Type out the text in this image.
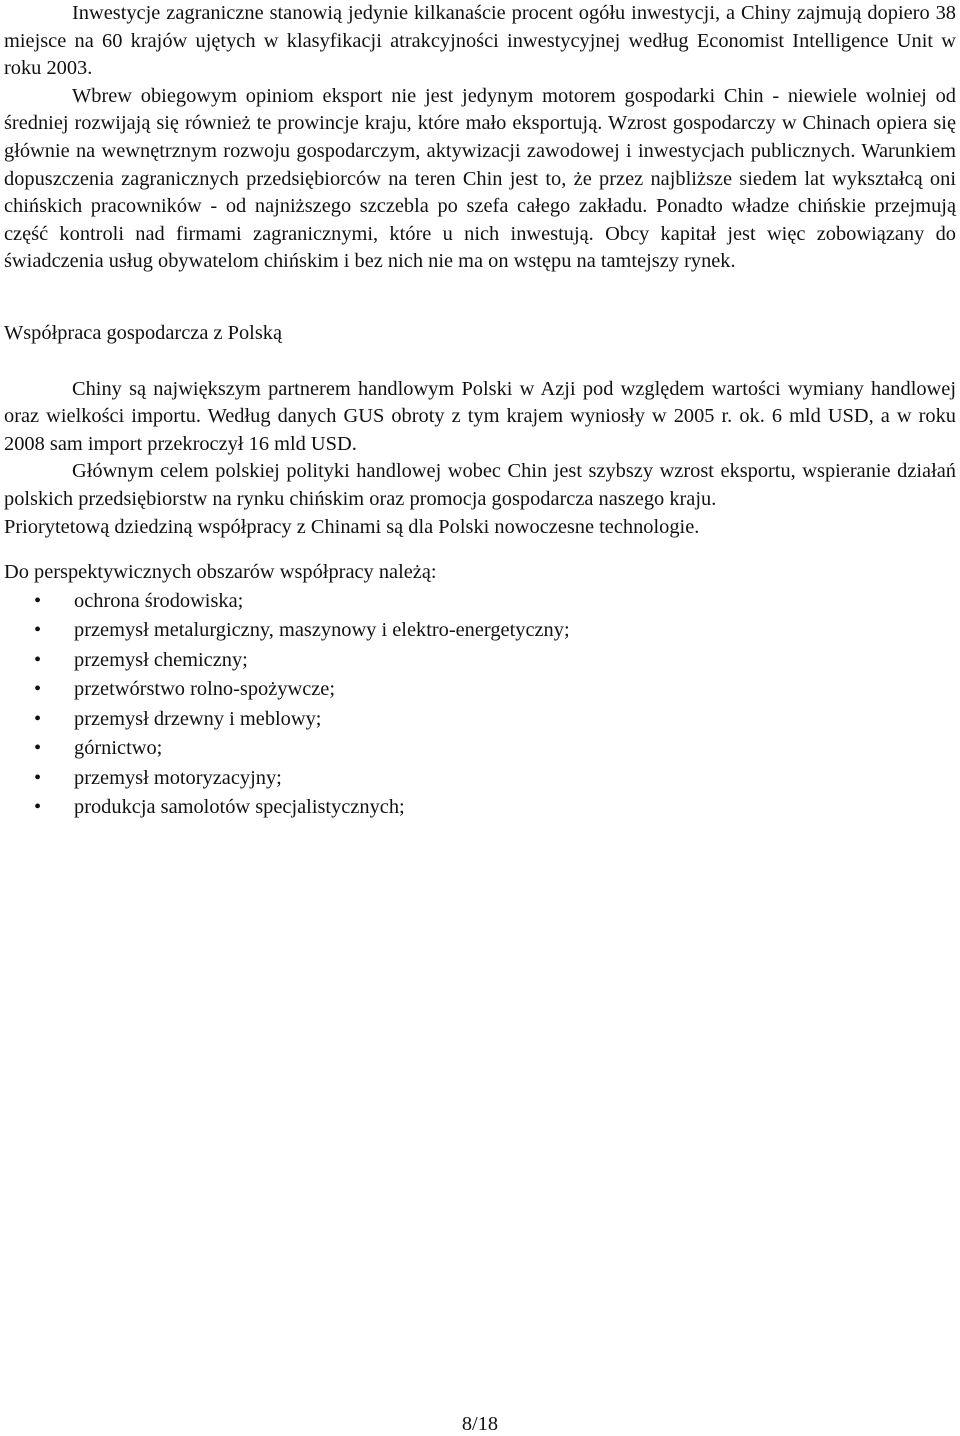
Inwestycje zagraniczne stanowią jedynie kilkanaście procent ogółu inwestycji, a Chiny zajmują dopiero 38 miejsce na 60 krajów ujętych w klasyfikacji atrakcyjności inwestycyjnej według Economist Intelligence Unit w roku 2003.

Wbrew obiegowym opiniom eksport nie jest jedynym motorem gospodarki Chin - niewiele wolniej od średniej rozwijają się również te prowincje kraju, które mało eksportują. Wzrost gospodarczy w Chinach opiera się głównie na wewnętrznym rozwoju gospodarczym, aktywizacji zawodowej i inwestycjach publicznych. Warunkiem dopuszczenia zagranicznych przedsiębiorców na teren Chin jest to, że przez najbliższe siedem lat wykształcą oni chińskich pracowników - od najniższego szczebla po szefa całego zakładu. Ponadto władze chińskie przejmują część kontroli nad firmami zagranicznymi, które u nich inwestują. Obcy kapitał jest więc zobowiązany do świadczenia usług obywatelom chińskim i bez nich nie ma on wstępu na tamtejszy rynek.

Współpraca gospodarcza z Polską

Chiny są największym partnerem handlowym Polski w Azji pod względem wartości wymiany handlowej oraz wielkości importu. Według danych GUS obroty z tym krajem wyniosły w 2005 r. ok. 6 mld USD, a w roku 2008 sam import przekroczył 16 mld USD.

Głównym celem polskiej polityki handlowej wobec Chin jest szybszy wzrost eksportu, wspieranie działań polskich przedsiębiorstw na rynku chińskim oraz promocja gospodarcza naszego kraju.

Priorytetową dziedziną współpracy z Chinami są dla Polski nowoczesne technologie.

Do perspektywicznych obszarów współpracy należą:

• ochrona środowiska;
• przemysł metalurgiczny, maszynowy i elektro-energetyczny;
• przemysł chemiczny;
• przetwórstwo rolno-spożywcze;
• przemysł drzewny i meblowy;
• górnictwo;
• przemysł motoryzacyjny;
• produkcja samolotów specjalistycznych;
8/18
